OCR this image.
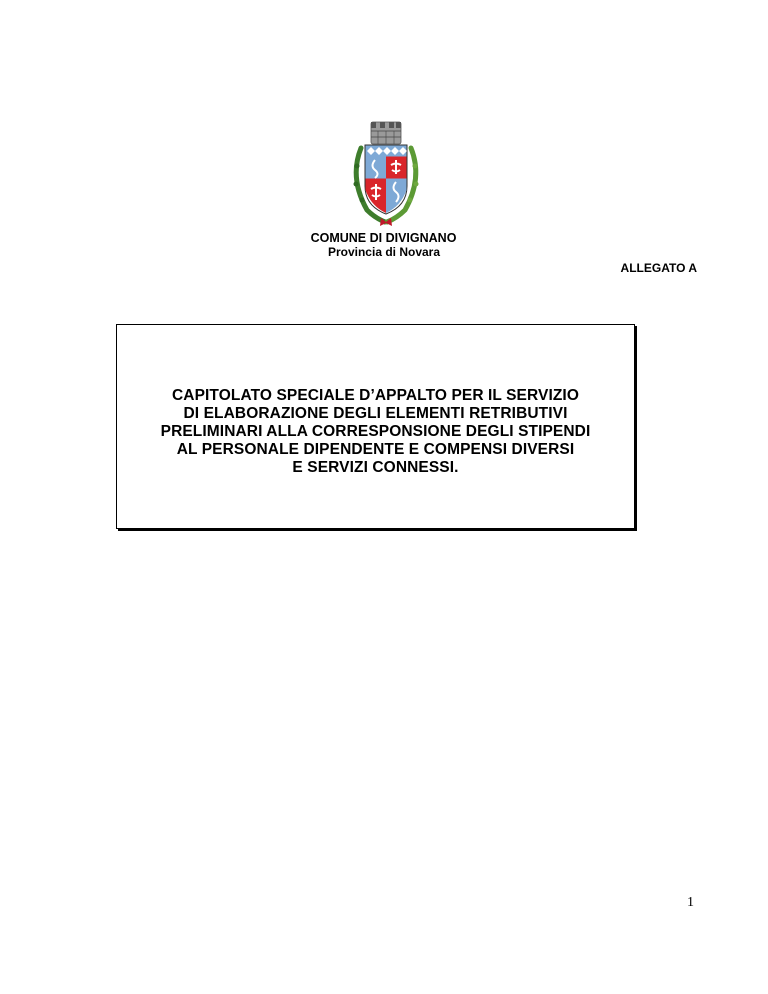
COMUNE DI DIVIGNANO
Provincia di Novara
ALLEGATO A
CAPITOLATO SPECIALE D’APPALTO PER IL SERVIZIO
DI ELABORAZIONE DEGLI ELEMENTI RETRIBUTIVI
PRELIMINARI ALLA CORRESPONSIONE DEGLI STIPENDI
AL PERSONALE DIPENDENTE E COMPENSI DIVERSI
E SERVIZI CONNESSI.
1
